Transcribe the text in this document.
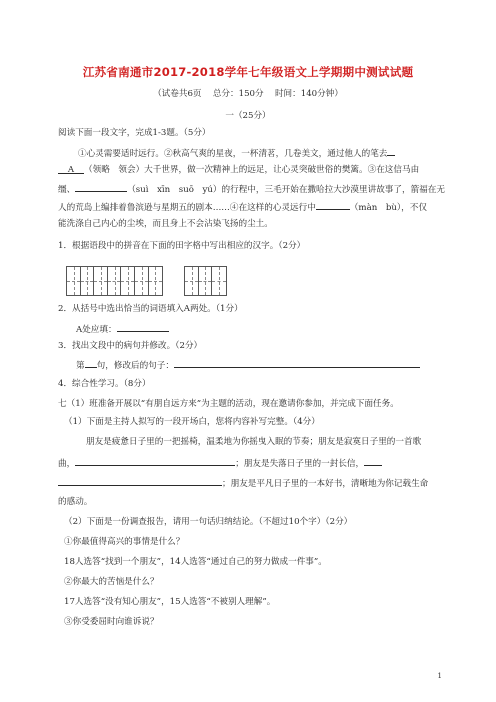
江苏省南通市2017-2018学年七年级语文上学期期中测试试题
（试卷共6页　 总分：150分　 时间：140分钟）
一（25分）
阅读下面一段文字，完成1-3题。（5分）
①心灵需要适时远行。②秋高气爽的星夜，一杯清茗，几卷美文，通过他人的笔去
A （领略　领会）大千世界，做一次精神上的远足，让心灵突破世俗的樊篱。③在这信马由
缰、	（suì　xīn　suō　yú）的行程中，三毛开始在撒哈拉大沙漠里讲故事了，箭福在无
人的荒岛上编排着鲁滨逊与星期五的剧本……④在这样的心灵远行中	（màn　bù），不仅
能洗涤自己内心的尘埃，而且身上不会沾染飞扬的尘土。
1．根据语段中的拼音在下面的田字格中写出相应的汉字。（2分）
2．从括号中选出恰当的词语填入A两处。（1分）
A处应填：
3．找出文段中的病句并修改。（2分）
第 句，修改后的句子：
4．综合性学习。（8分）
七（1）班准备开展以“有朋自远方来”为主题的活动，现在邀请你参加，并完成下面任务。
（1）下面是主持人拟写的一段开场白，您将内容补写完整。（4分）
朋友是疲惫日子里的一把摇椅，温柔地为你摇曳入眠的节奏；朋友是寂寞日子里的一首歌
曲，	；朋友是失落日子里的一封长信，
；朋友是平凡日子里的一本好书，清晰地为你记载生命
的感动。
（2）下面是一份调查报告，请用一句话归纳结论。（不超过10个字）（2分）
①你最值得高兴的事情是什么？
18人选答“找到一个朋友”，14人选答“通过自己的努力做成一件事”。
②你最大的苦恼是什么？
17人选答“没有知心朋友”，15人选答“不被别人理解”。
③你受委屈时向谁诉说？
1
